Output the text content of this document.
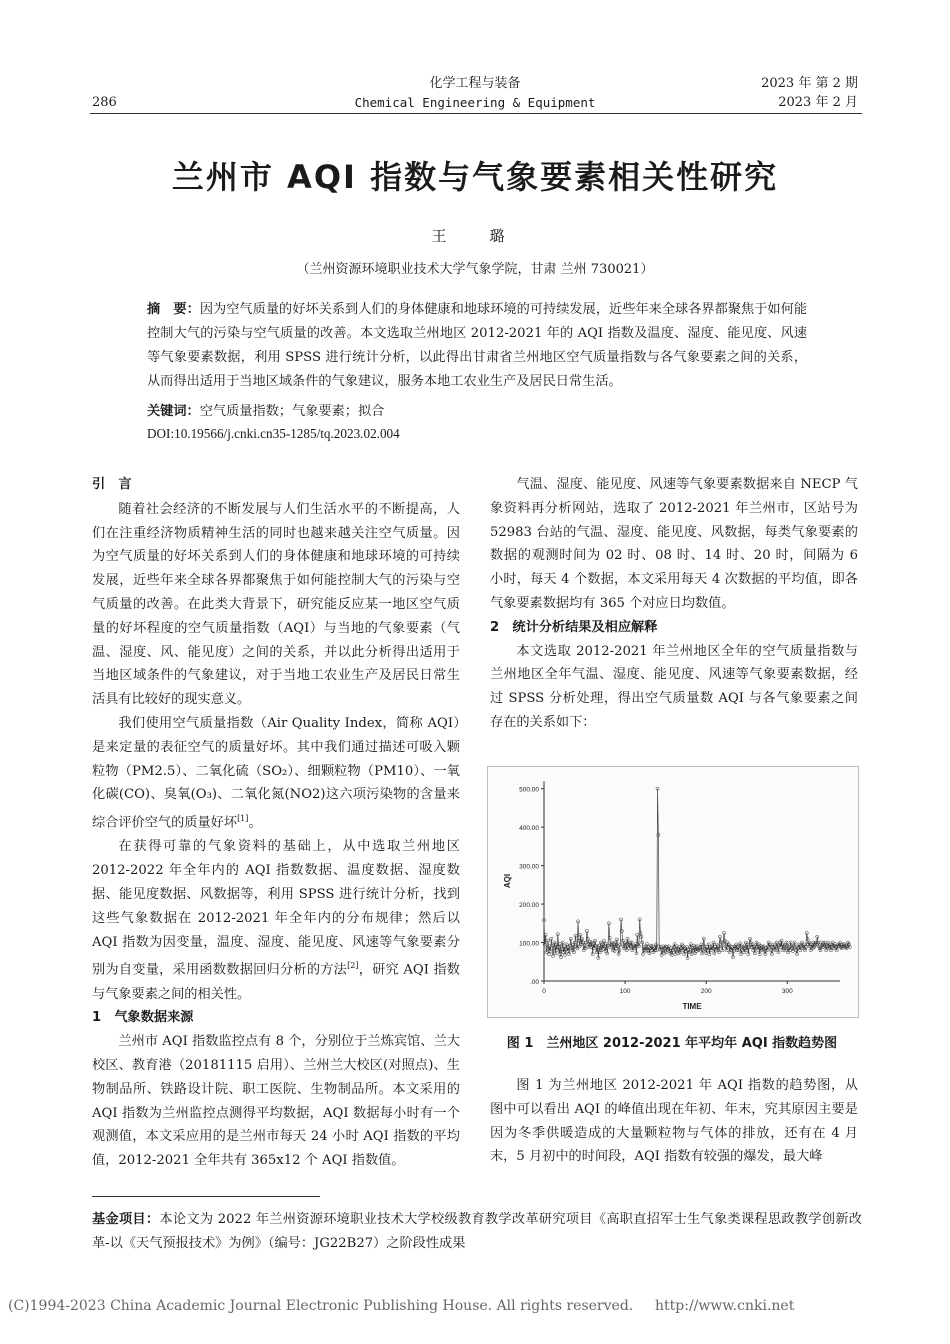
286
化学工程与装备
Chemical Engineering & Equipment
2023 年 第 2 期
2023 年 2 月
兰州市 AQI 指数与气象要素相关性研究
王　璐
（兰州资源环境职业技术大学气象学院，甘肃 兰州 730021）
摘　要：因为空气质量的好坏关系到人们的身体健康和地球环境的可持续发展，近些年来全球各界都聚焦于如何能控制大气的污染与空气质量的改善。本文选取兰州地区 2012-2021 年的 AQI 指数及温度、湿度、能见度、风速等气象要素数据，利用 SPSS 进行统计分析，以此得出甘肃省兰州地区空气质量指数与各气象要素之间的关系，从而得出适用于当地区域条件的气象建议，服务本地工农业生产及居民日常生活。
关键词：空气质量指数；气象要素；拟合
DOI:10.19566/j.cnki.cn35-1285/tq.2023.02.004
引　言

随着社会经济的不断发展与人们生活水平的不断提高，人们在注重经济物质精神生活的同时也越来越关注空气质量。因为空气质量的好坏关系到人们的身体健康和地球环境的可持续发展，近些年来全球各界都聚焦于如何能控制大气的污染与空气质量的改善。在此类大背景下，研究能反应某一地区空气质量的好坏程度的空气质量指数（AQI）与当地的气象要素（气温、湿度、风、能见度）之间的关系，并以此分析得出适用于当地区域条件的气象建议，对于当地工农业生产及居民日常生活具有比较好的现实意义。

我们使用空气质量指数（Air Quality Index，简称 AQI）是来定量的表征空气的质量好坏。其中我们通过描述可吸入颗粒物（PM2.5）、二氧化硫（SO₂）、细颗粒物（PM10）、一氧化碳(CO)、臭氧(O₃)、二氧化氮(NO2)这六项污染物的含量来综合评价空气的质量好坏[1]。

在获得可靠的气象资料的基础上，从中选取兰州地区 2012-2022 年全年内的 AQI 指数数据、温度数据、湿度数据、能见度数据、风数据等，利用 SPSS 进行统计分析，找到这些气象数据在 2012-2021 年全年内的分布规律；然后以 AQI 指数为因变量，温度、湿度、能见度、风速等气象要素分别为自变量，采用函数数据回归分析的方法[2]，研究 AQI 指数与气象要素之间的相关性。

1　气象数据来源

兰州市 AQI 指数监控点有 8 个，分别位于兰炼宾馆、兰大校区、教育港（20181115 启用）、兰州兰大校区(对照点)、生物制品所、铁路设计院、职工医院、生物制品所。本文采用的 AQI 指数为兰州监控点测得平均数据，AQI 数据每小时有一个观测值，本文采应用的是兰州市每天 24 小时 AQI 指数的平均值，2012-2021 全年共有 365x12 个 AQI 指数值。

气温、湿度、能见度、风速等气象要素数据来自 NECP 气象资料再分析网站，选取了 2012-2021 年兰州市，区站号为 52983 台站的气温、湿度、能见度、风数据，每类气象要素的数据的观测时间为 02 时、08 时、14 时、20 时，间隔为 6 小时，每天 4 个数据，本文采用每天 4 次数据的平均值，即各气象要素数据均有 365 个对应日均数值。

2　统计分析结果及相应解释

本文选取 2012-2021 年兰州地区全年的空气质量指数与兰州地区全年气温、湿度、能见度、风速等气象要素数据，经过 SPSS 分析处理，得出空气质量数 AQI 与各气象要素之间存在的关系如下：

.00
100.00
200.00
300.00
400.00
500.00
0	100	200	300
TIME
AQI
图 1　兰州地区 2012-2021 年平均年 AQI 指数趋势图

图 1 为兰州地区 2012-2021 年 AQI 指数的趋势图，从图中可以看出 AQI 的峰值出现在年初、年末，究其原因主要是因为冬季供暖造成的大量颗粒物与气体的排放，还有在 4 月末，5 月初中的时间段，AQI 指数有较强的爆发，最大峰

基金项目：本论文为 2022 年兰州资源环境职业技术大学校级教育教学改革研究项目《高职直招军士生气象类课程思政教学创新改革-以《天气预报技术》为例》（编号：JG22B27）之阶段性成果
(C)1994-2023 China Academic Journal Electronic Publishing House. All rights reserved. http://www.cnki.net
